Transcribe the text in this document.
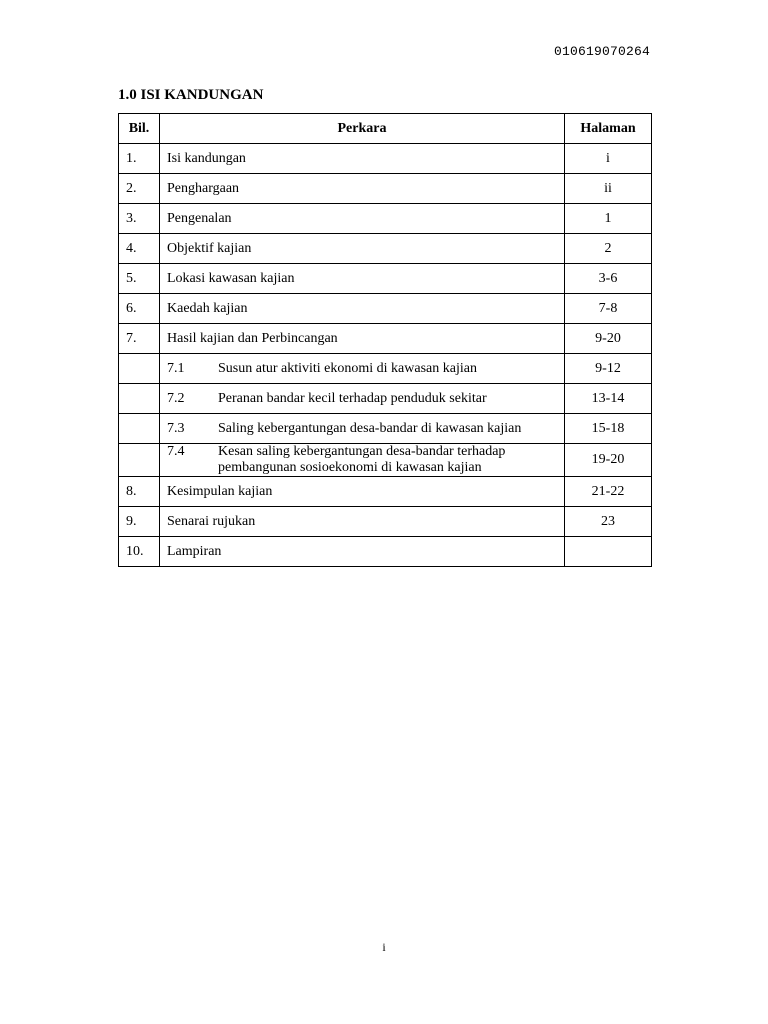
010619070264
1.0 ISI KANDUNGAN
Bil.	Perkara	Halaman
1.	Isi kandungan	i
2.	Penghargaan	ii
3.	Pengenalan	1
4.	Objektif kajian	2
5.	Lokasi kawasan kajian	3-6
6.	Kaedah kajian	7-8
7.	Hasil kajian dan Perbincangan	9-20

	7.1 Susun atur aktiviti ekonomi di kawasan kajian	9-12

	7.2 Peranan bandar kecil terhadap penduduk sekitar	13-14

	7.3 Saling kebergantungan desa-bandar di kawasan kajian	15-18

	7.4 Kesan saling kebergantungan desa-bandar terhadap pembangunan sosioekonomi di kawasan kajian	19-20
8.	Kesimpulan kajian	21-22
9.	Senarai rujukan	23
10.	Lampiran	
i
